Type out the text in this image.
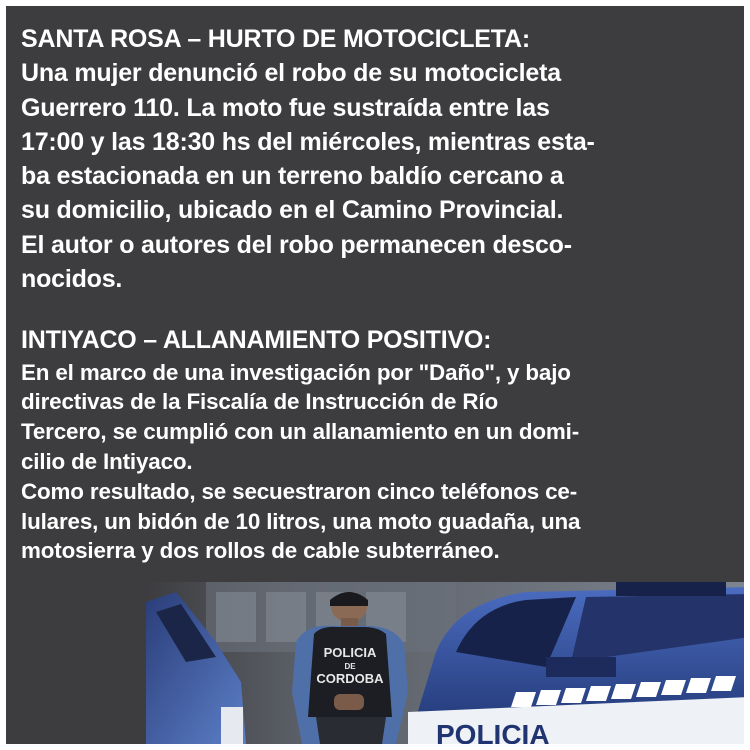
SANTA ROSA – HURTO DE MOTOCICLETA:

Una mujer denunció el robo de su motocicleta
Guerrero 110. La moto fue sustraída entre las
17:00 y las 18:30 hs del miércoles, mientras esta-
ba estacionada en un terreno baldío cercano a
su domicilio, ubicado en el Camino Provincial.
El autor o autores del robo permanecen desco-
nocidos.

INTIYACO – ALLANAMIENTO POSITIVO:

En el marco de una investigación por "Daño", y bajo
directivas de la Fiscalía de Instrucción de Río
Tercero, se cumplió con un allanamiento en un domi-
cilio de Intiyaco.
Como resultado, se secuestraron cinco teléfonos ce-
lulares, un bidón de 10 litros, una moto guadaña, una
motosierra y dos rollos de cable subterráneo.

POLICIA
DE
CORDOBA
POLICIA
